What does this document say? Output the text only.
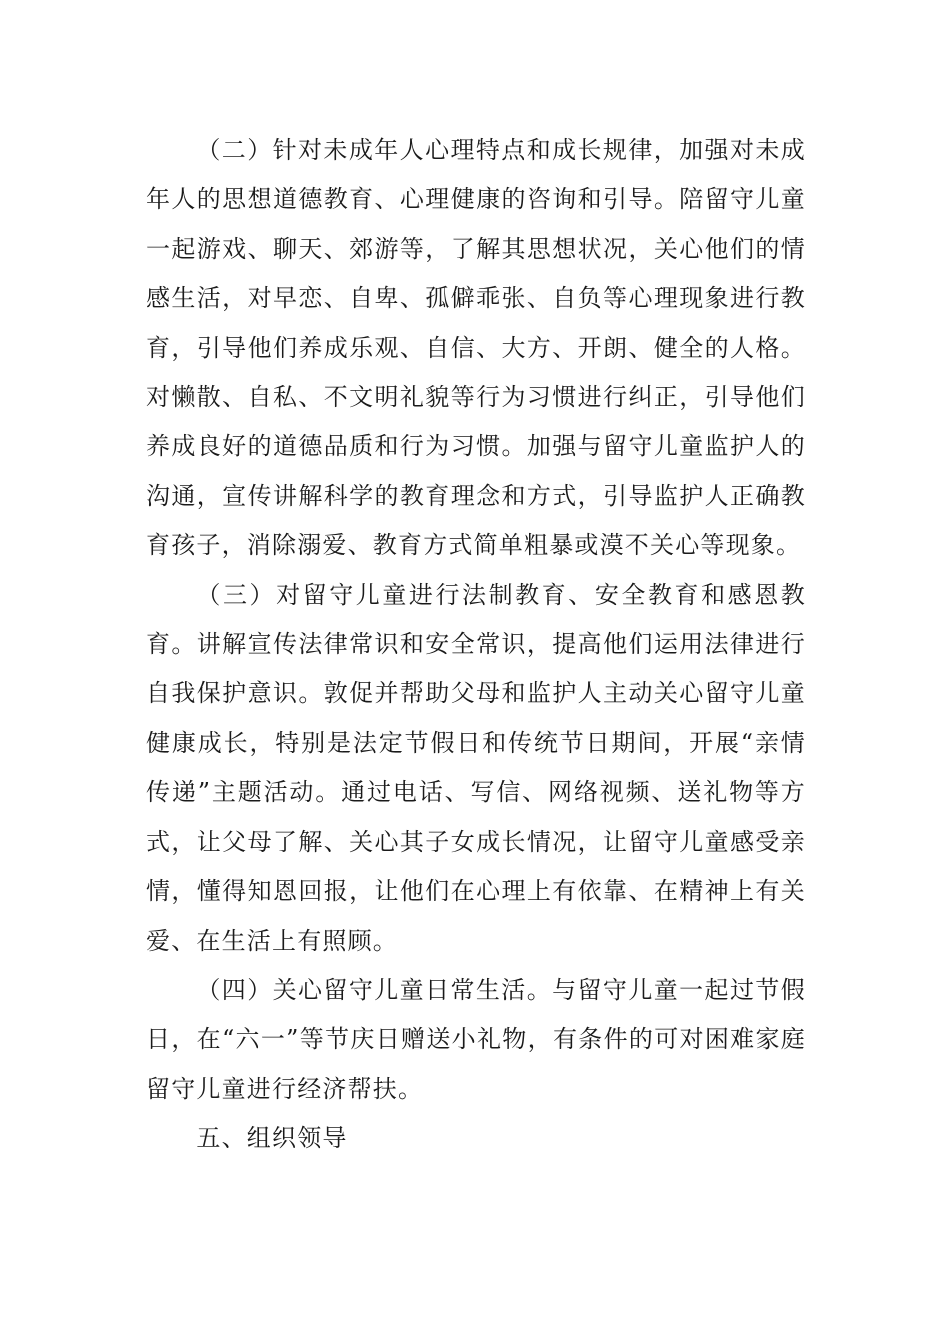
（二）针对未成年人心理特点和成长规律，加强对未成年人的思想道德教育、心理健康的咨询和引导。陪留守儿童一起游戏、聊天、郊游等，了解其思想状况，关心他们的情感生活，对早恋、自卑、孤僻乖张、自负等心理现象进行教育，引导他们养成乐观、自信、大方、开朗、健全的人格。对懒散、自私、不文明礼貌等行为习惯进行纠正，引导他们养成良好的道德品质和行为习惯。加强与留守儿童监护人的沟通，宣传讲解科学的教育理念和方式，引导监护人正确教育孩子，消除溺爱、教育方式简单粗暴或漠不关心等现象。

（三）对留守儿童进行法制教育、安全教育和感恩教育。讲解宣传法律常识和安全常识，提高他们运用法律进行自我保护意识。敦促并帮助父母和监护人主动关心留守儿童健康成长，特别是法定节假日和传统节日期间，开展“亲情传递”主题活动。通过电话、写信、网络视频、送礼物等方式，让父母了解、关心其子女成长情况，让留守儿童感受亲情，懂得知恩回报，让他们在心理上有依靠、在精神上有关爱、在生活上有照顾。

（四）关心留守儿童日常生活。与留守儿童一起过节假日，在“六一”等节庆日赠送小礼物，有条件的可对困难家庭留守儿童进行经济帮扶。

五、组织领导
